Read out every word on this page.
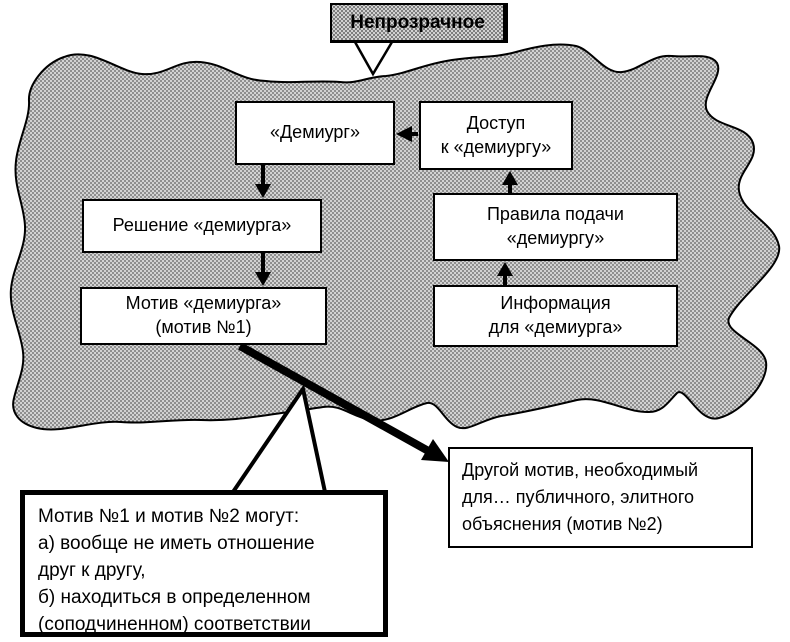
Непрозрачное
«Демиург»	Доступ
к «демиургу»
Решение «демиурга»
Правила подачи
«демиургу»
Мотив «демиурга»
(мотив №1)
Информация
для «демиурга»
Другой мотив, необходимый
для… публичного, элитного
объяснения (мотив №2)
Мотив №1 и мотив №2 могут:
а) вообще не иметь отношение
друг к другу,
б) находиться в определенном
(соподчиненном) соответствии
